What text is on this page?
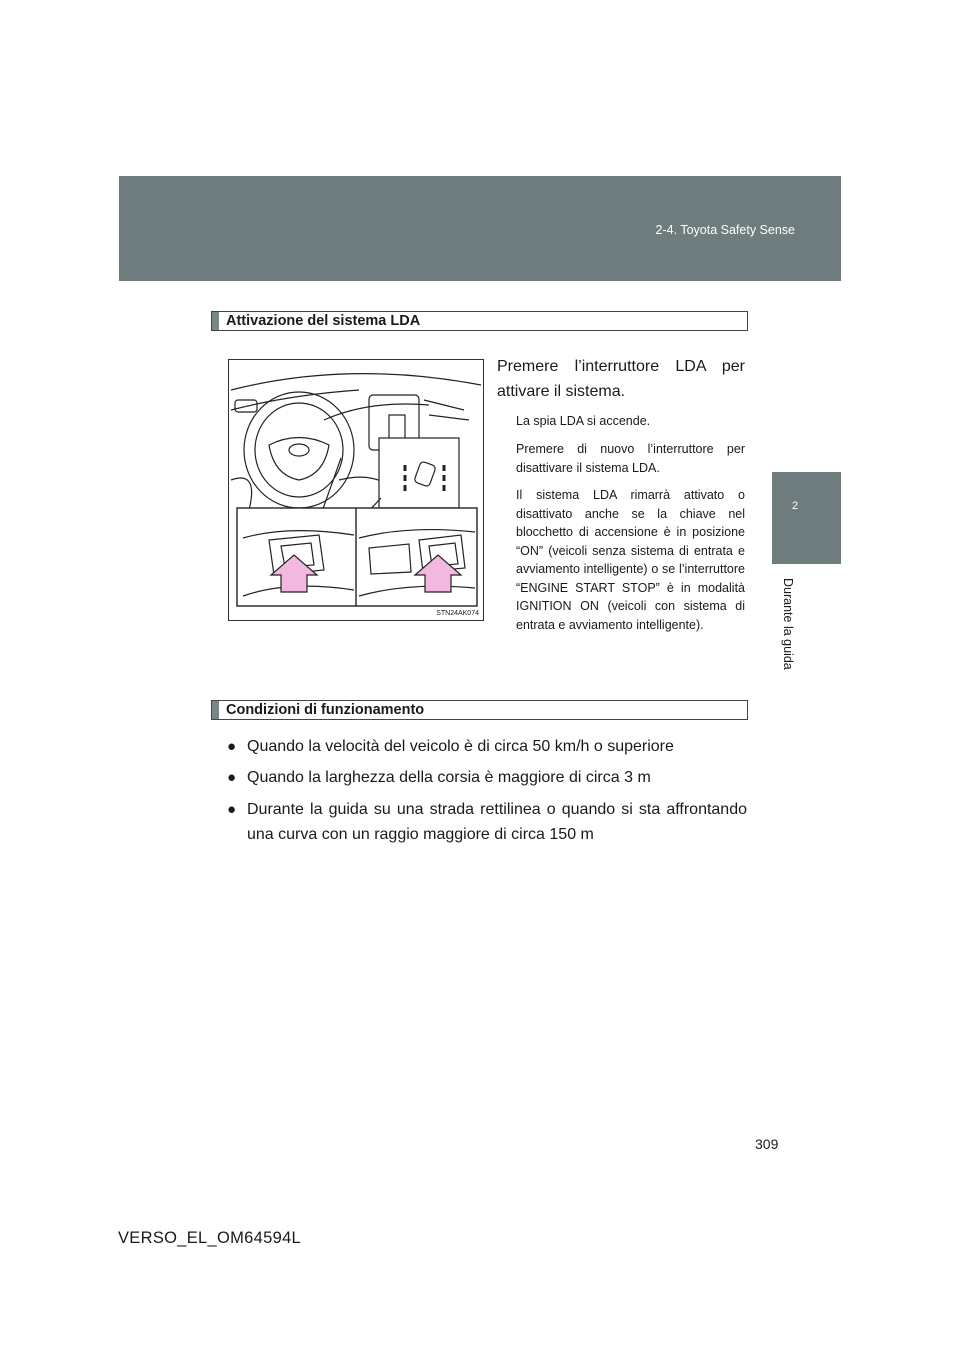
2-4. Toyota Safety Sense
2
Durante la guida
Attivazione del sistema LDA
STN24AK074
Premere l’interruttore LDA per attivare il sistema.
La spia LDA si accende.
Premere di nuovo l’interruttore per disattivare il sistema LDA.
Il sistema LDA rimarrà attivato o disattivato anche se la chiave nel blocchetto di accensione è in posizione “ON” (veicoli senza sistema di entrata e avviamento intelligente) o se l’interruttore “ENGINE START STOP” è in modalità IGNITION ON (veicoli con sistema di entrata e avviamento intelligente).
Condizioni di funzionamento
● Quando la velocità del veicolo è di circa 50 km/h o superiore
● Quando la larghezza della corsia è maggiore di circa 3 m
● Durante la guida su una strada rettilinea o quando si sta affrontando una curva con un raggio maggiore di circa 150 m
309
VERSO_EL_OM64594L
